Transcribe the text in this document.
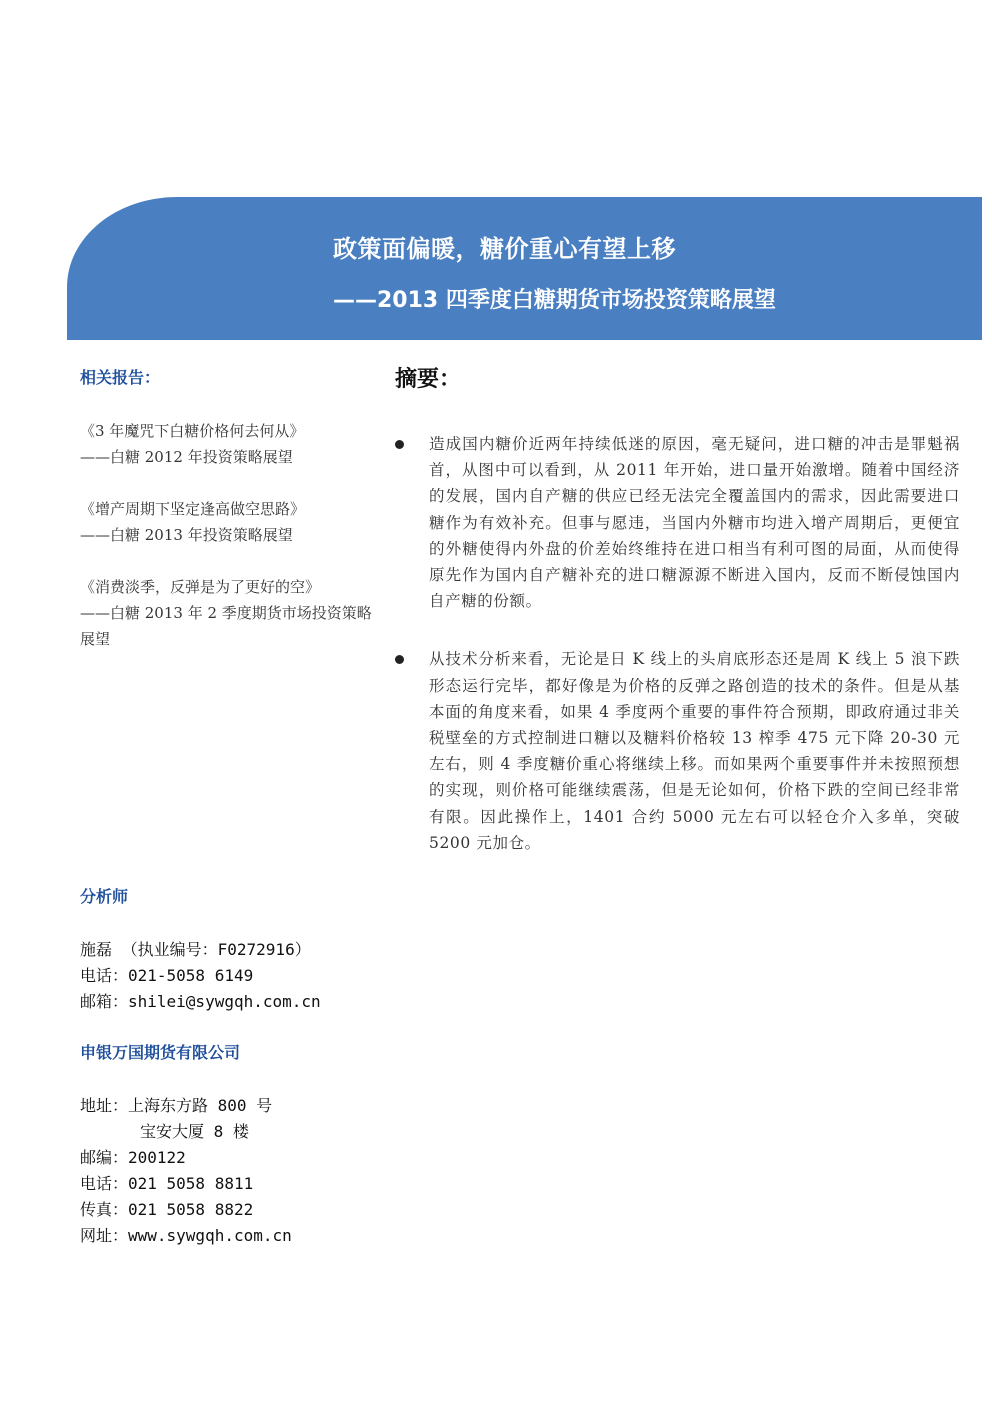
政策面偏暖，糖价重心有望上移
——2013 四季度白糖期货市场投资策略展望

相关报告：

《3 年魔咒下白糖价格何去何从》
——白糖 2012 年投资策略展望
《增产周期下坚定逢高做空思路》
——白糖 2013 年投资策略展望
《消费淡季，反弹是为了更好的空》
——白糖 2013 年 2 季度期货市场投资策略展望

分析师

施磊 （执业编号：F0272916）

电话：021-5058 6149

邮箱：shilei@sywgqh.com.cn

申银万国期货有限公司

地址：上海东方路 800 号

宝安大厦 8 楼

邮编：200122

电话：021 5058 8811

传真：021 5058 8822

网址：www.sywgqh.com.cn

摘要：

造成国内糖价近两年持续低迷的原因，毫无疑问，进口糖的冲击是罪魁祸首，从图中可以看到，从 2011 年开始，进口量开始激增。随着中国经济的发展，国内自产糖的供应已经无法完全覆盖国内的需求，因此需要进口糖作为有效补充。但事与愿违，当国内外糖市均进入增产周期后，更便宜的外糖使得内外盘的价差始终维持在进口相当有利可图的局面，从而使得原先作为国内自产糖补充的进口糖源源不断进入国内，反而不断侵蚀国内自产糖的份额。

从技术分析来看，无论是日 K 线上的头肩底形态还是周 K 线上 5 浪下跌形态运行完毕，都好像是为价格的反弹之路创造的技术的条件。但是从基本面的角度来看，如果 4 季度两个重要的事件符合预期，即政府通过非关税壁垒的方式控制进口糖以及糖料价格较 13 榨季 475 元下降 20-30 元左右，则 4 季度糖价重心将继续上移。而如果两个重要事件并未按照预想的实现，则价格可能继续震荡，但是无论如何，价格下跌的空间已经非常有限。因此操作上，1401 合约 5000 元左右可以轻仓介入多单，突破 5200 元加仓。
